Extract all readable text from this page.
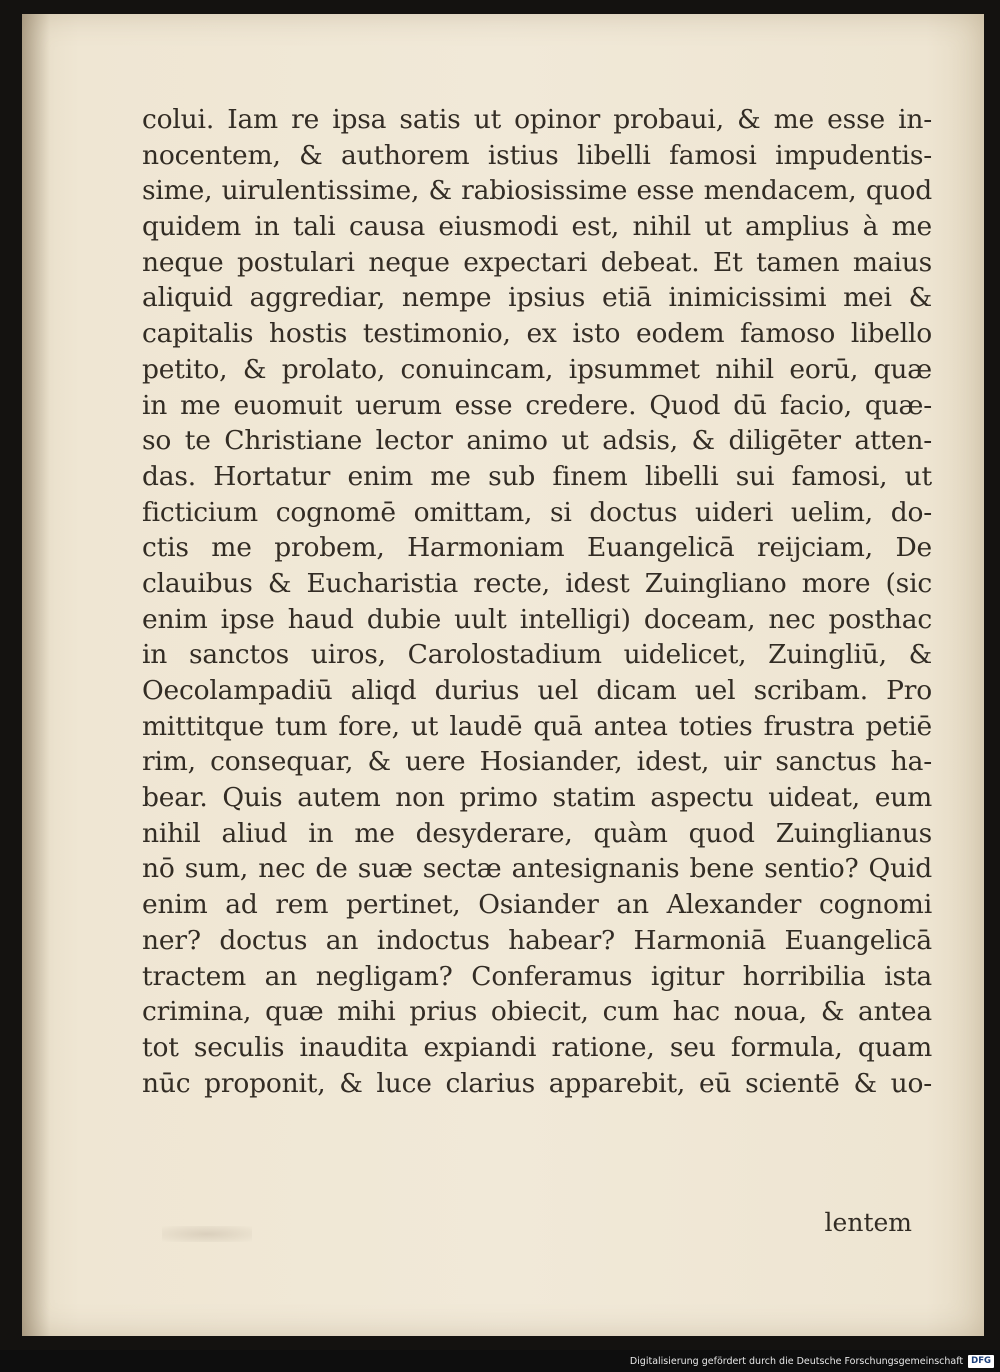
colui. Iam re ipsa satis ut opinor probaui, & me esse in-
nocentem, & authorem istius libelli famosi impudentis-
sime, uirulentissime, & rabiosissime esse mendacem, quod
quidem in tali causa eiusmodi est, nihil ut amplius à me
neque postulari neque expectari debeat. Et tamen maius
aliquid aggrediar, nempe ipsius etiā inimicissimi mei &
capitalis hostis testimonio, ex isto eodem famoso libello
petito, & prolato, conuincam, ipsummet nihil eorū, quæ
in me euomuit uerum esse credere. Quod dū facio, quæ-
so te Christiane lector animo ut adsis, & diligēter atten-
das. Hortatur enim me sub finem libelli sui famosi, ut
ficticium cognomē omittam, si doctus uideri uelim, do-
ctis me probem, Harmoniam Euangelicā reijciam, De
clauibus & Eucharistia recte, idest Zuingliano more (sic
enim ipse haud dubie uult intelligi) doceam, nec posthac
in sanctos uiros, Carolostadium uidelicet, Zuingliū, &
Oecolampadiū aliqd durius uel dicam uel scribam. Pro
mittitque tum fore, ut laudē quā antea toties frustra petiē
rim, consequar, & uere Hosiander, idest, uir sanctus ha-
bear. Quis autem non primo statim aspectu uideat, eum
nihil aliud in me desyderare, quàm quod Zuinglianus
nō sum, nec de suæ sectæ antesignanis bene sentio? Quid
enim ad rem pertinet, Osiander an Alexander cognomi
ner? doctus an indoctus habear? Harmoniā Euangelicā
tractem an negligam? Conferamus igitur horribilia ista
crimina, quæ mihi prius obiecit, cum hac noua, & antea
tot seculis inaudita expiandi ratione, seu formula, quam
nūc proponit, & luce clarius apparebit, eū scientē & uo-
lentem
Digitalisierung gefördert durch die Deutsche Forschungsgemeinschaft DFG
